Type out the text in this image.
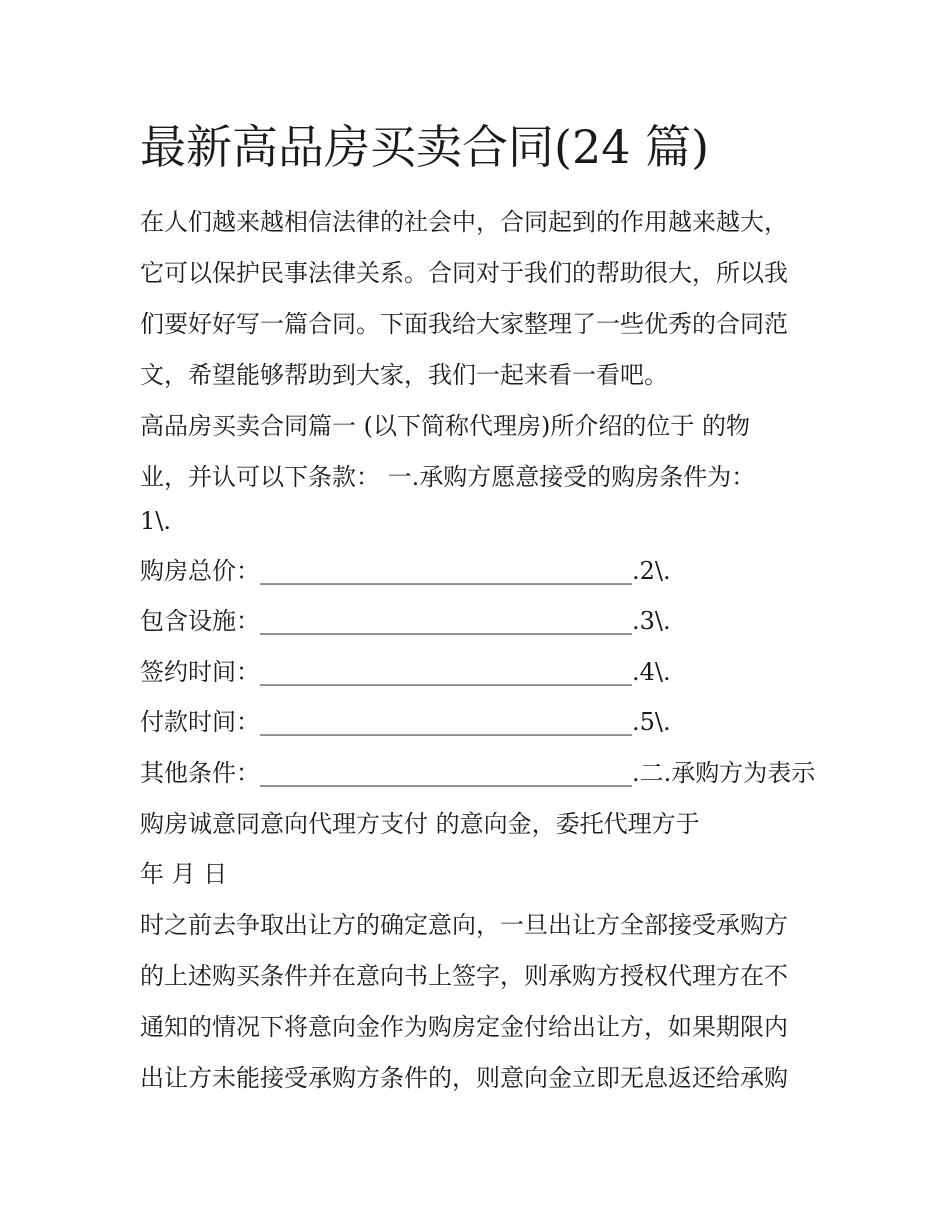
最新高品房买卖合同(24 篇)

在人们越来越相信法律的社会中，合同起到的作用越来越大，

它可以保护民事法律关系。合同对于我们的帮助很大，所以我

们要好好写一篇合同。下面我给大家整理了一些优秀的合同范

文，希望能够帮助到大家，我们一起来看一看吧。

高品房买卖合同篇一 (以下简称代理房)所介绍的位于 的物

业，并认可以下条款： 一.承购方愿意接受的购房条件为：

1\.

购房总价：_______________________________.2\.

包含设施：_______________________________.3\.

签约时间：_______________________________.4\.

付款时间：_______________________________.5\.

其他条件：_______________________________.二.承购方为表示

购房诚意同意向代理方支付 的意向金，委托代理方于

年 月 日

时之前去争取出让方的确定意向，一旦出让方全部接受承购方

的上述购买条件并在意向书上签字，则承购方授权代理方在不

通知的情况下将意向金作为购房定金付给出让方，如果期限内

出让方未能接受承购方条件的，则意向金立即无息返还给承购
